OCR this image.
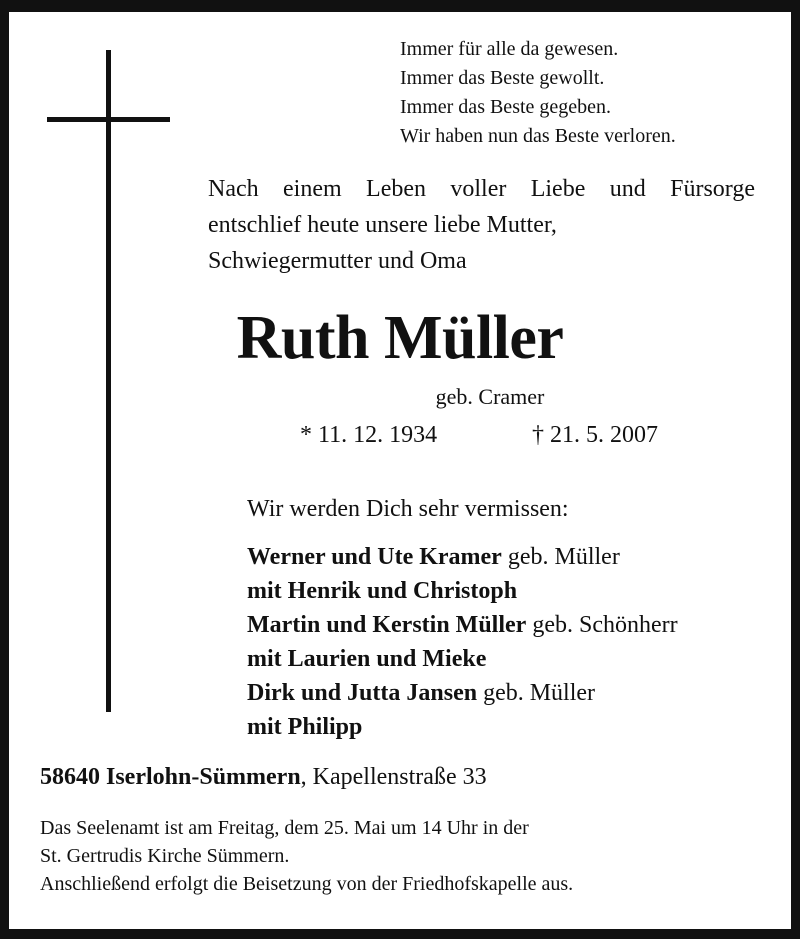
Immer für alle da gewesen.
Immer das Beste gewollt.
Immer das Beste gegeben.
Wir haben nun das Beste verloren.
Nach einem Leben voller Liebe und Fürsorge
entschlief heute unsere liebe Mutter,
Schwiegermutter und Oma
Ruth Müller
geb. Cramer
* 11. 12. 1934	† 21. 5. 2007
Wir werden Dich sehr vermissen:
Werner und Ute Kramer geb. Müller
mit Henrik und Christoph
Martin und Kerstin Müller geb. Schönherr
mit Laurien und Mieke
Dirk und Jutta Jansen geb. Müller
mit Philipp
58640 Iserlohn-Sümmern, Kapellenstraße 33
Das Seelenamt ist am Freitag, dem 25. Mai um 14 Uhr in der
St. Gertrudis Kirche Sümmern.
Anschließend erfolgt die Beisetzung von der Friedhofskapelle aus.
